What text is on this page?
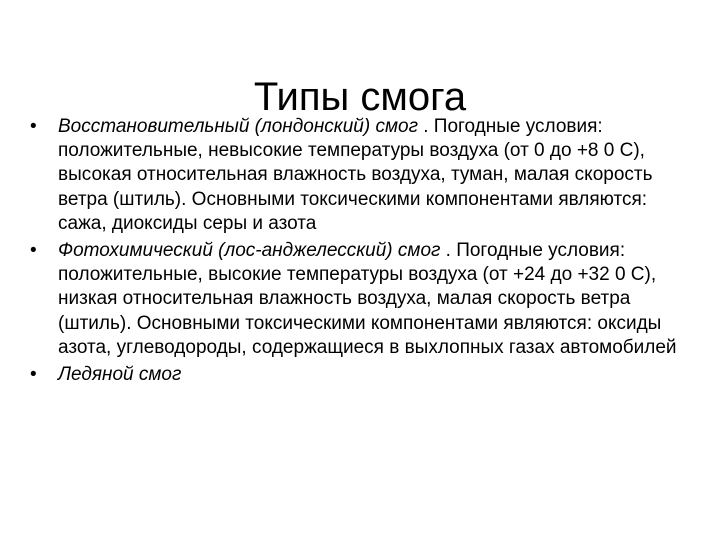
Типы смога
•	Восстановительный (лондонский) смог . Погодные условия: положительные, невысокие температуры воздуха (от 0 до +8 0 С), высокая относительная влажность воздуха, туман, малая скорость ветра (штиль). Основными токсическими компонентами являются: сажа, диоксиды серы и азота
•	Фотохимический (лос-анджелесский) смог . Погодные условия: положительные, высокие температуры воздуха (от +24 до +32 0 С), низкая относительная влажность воздуха, малая скорость ветра (штиль). Основными токсическими компонентами являются: оксиды азота, углеводороды, содержащиеся в выхлопных газах автомобилей
•	Ледяной смог
